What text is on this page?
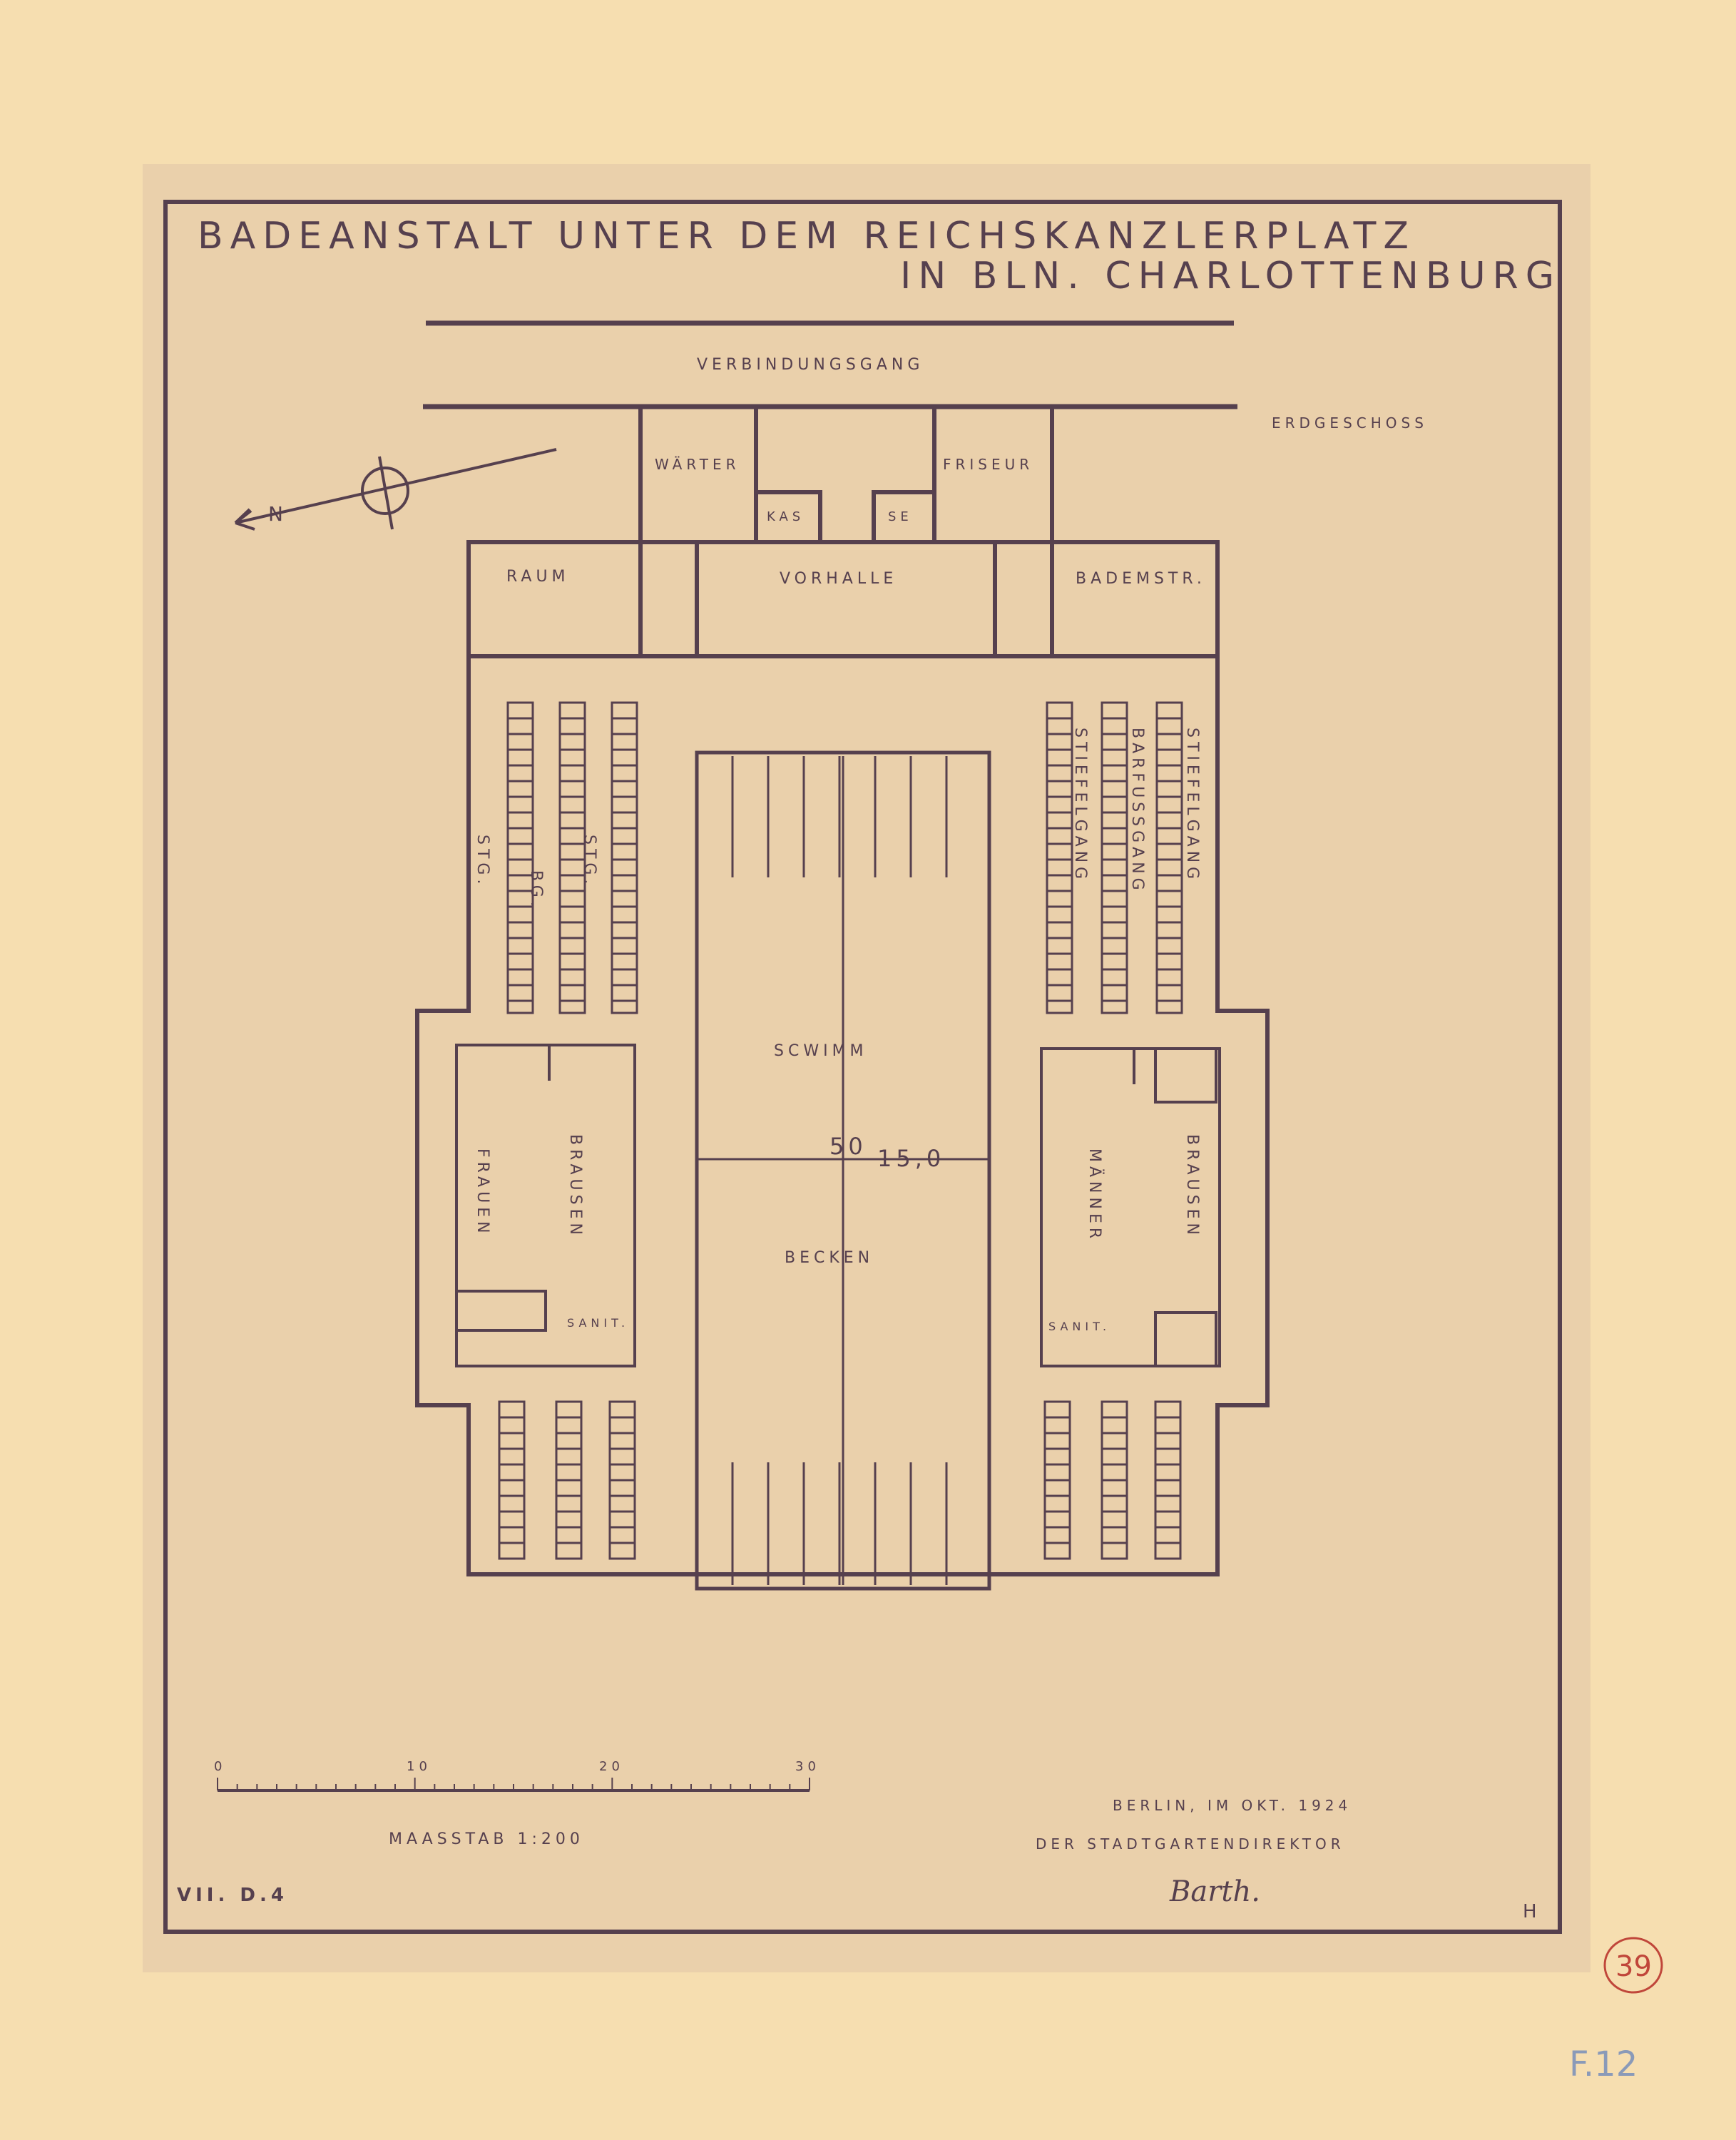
BADEANSTALT UNTER DEM REICHSKANZLERPLATZ
IN BLN. CHARLOTTENBURG
VERBINDUNGSGANG
ERDGESCHOSS
N
WÄRTER	FRISEUR
KAS	SE
RAUM	VORHALLE	BADEMSTR.
SCWIMM
BECKEN
50 15,0
STG.
BG.
STG.	STIEFELGANG	BARFUSSGANG STIEFELGANG
FRAUEN	BRAUSEN	MÄNNER	BRAUSEN
SANIT.	SANIT.
0	10	20	30
MAASSTAB 1:200
BERLIN, IM OKT. 1924
DER STADTGARTENDIREKTOR
Barth.
VII. D.4
H
39
F.12
